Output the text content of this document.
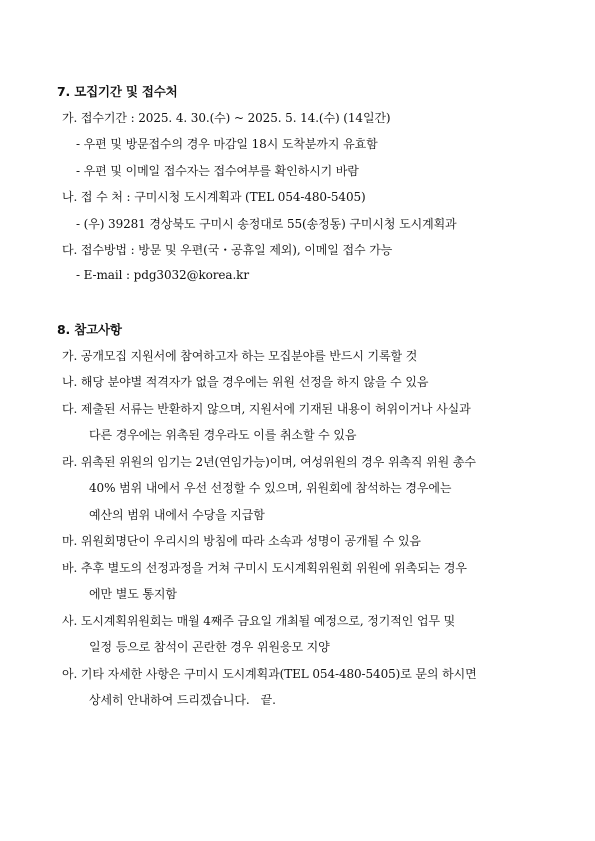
7. 모집기간 및 접수처
가. 접수기간 : 2025. 4. 30.(수) ~ 2025. 5. 14.(수) (14일간)
- 우편 및 방문접수의 경우 마감일 18시 도착분까지 유효함
- 우편 및 이메일 접수자는 접수여부를 확인하시기 바람
나. 접 수 처 : 구미시청 도시계획과 (TEL 054-480-5405)
- (우) 39281 경상북도 구미시 송정대로 55(송정동) 구미시청 도시계획과
다. 접수방법 : 방문 및 우편(국・공휴일 제외), 이메일 접수 가능
- E-mail : pdg3032@korea.kr
8. 참고사항
가. 공개모집 지원서에 참여하고자 하는 모집분야를 반드시 기록할 것
나. 해당 분야별 적격자가 없을 경우에는 위원 선정을 하지 않을 수 있음
다. 제출된 서류는 반환하지 않으며, 지원서에 기재된 내용이 허위이거나 사실과
다른 경우에는 위촉된 경우라도 이를 취소할 수 있음
라. 위촉된 위원의 임기는 2년(연임가능)이며, 여성위원의 경우 위촉직 위원 총수
40% 범위 내에서 우선 선정할 수 있으며, 위원회에 참석하는 경우에는
예산의 범위 내에서 수당을 지급함
마. 위원회명단이 우리시의 방침에 따라 소속과 성명이 공개될 수 있음
바. 추후 별도의 선정과정을 거쳐 구미시 도시계획위원회 위원에 위촉되는 경우
에만 별도 통지함
사. 도시계획위원회는 매월 4째주 금요일 개최될 예정으로, 정기적인 업무 및
일정 등으로 참석이 곤란한 경우 위원응모 지양
아. 기타 자세한 사항은 구미시 도시계획과(TEL 054-480-5405)로 문의 하시면
상세히 안내하여 드리겠습니다.   끝.
